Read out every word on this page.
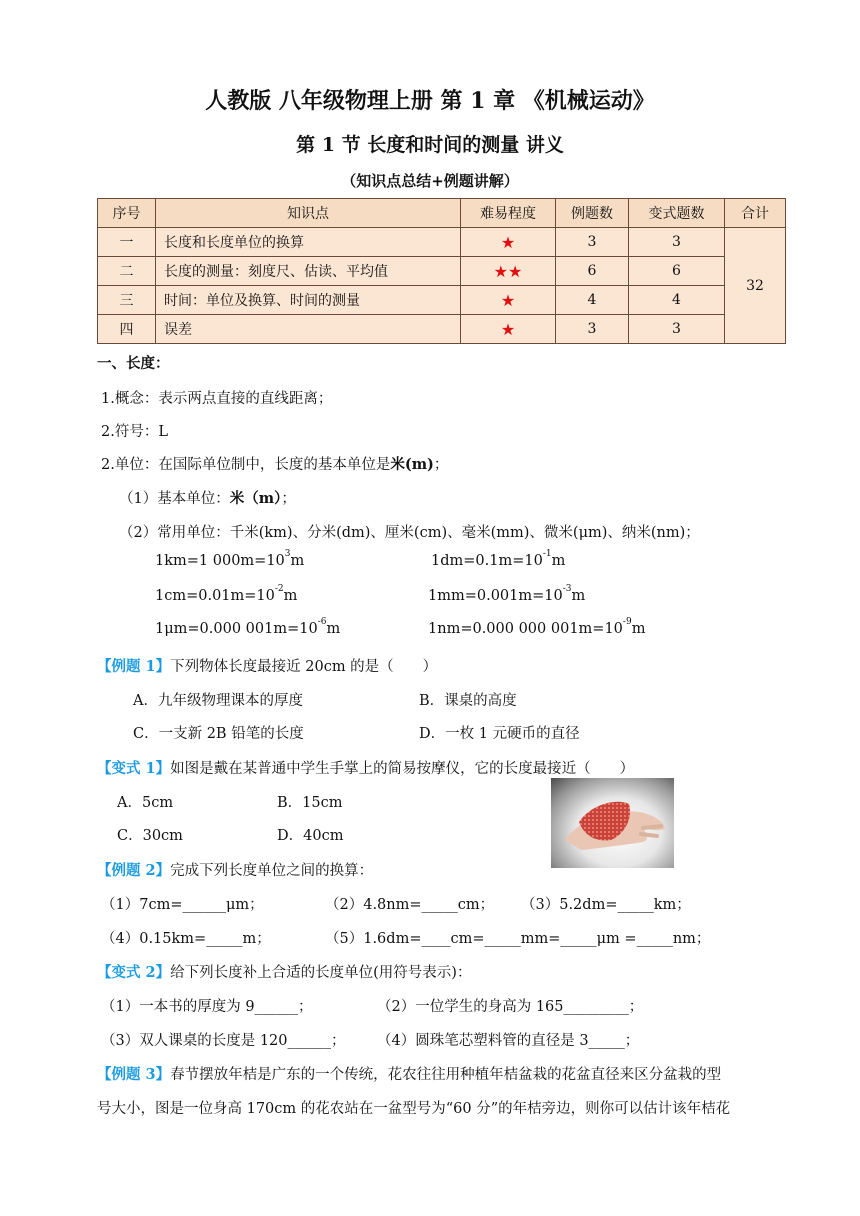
人教版 八年级物理上册 第 1 章 《机械运动》
第 1 节 长度和时间的测量 讲义
（知识点总结+例题讲解）
序号	知识点	难易程度	例题数	变式题数	合计
一	长度和长度单位的换算	★	3	3	32
二	长度的测量：刻度尺、估读、平均值	★★	6	6	
三	时间：单位及换算、时间的测量	★	4	4	
四	误差	★	3	3	
一、长度：
1.概念：表示两点直接的直线距离；
2.符号：L
2.单位：在国际单位制中，长度的基本单位是米(m)；
（1）基本单位：米（m）；
（2）常用单位：千米(km)、分米(dm)、厘米(cm)、毫米(mm)、微米(μm)、纳米(nm)；
1km=1 $000m=10^3m$	$1dm=0.1m=10^{-1}m$
$1cm=0.01m=10^{-2}m$	$1mm=0.001m=10^{-3}m$
1μm=0.000 $001m=10^{-6}m$	1nm=0.000 000 $001m=10^{-9}m$
【例题 1】下列物体长度最接近 20cm 的是（　　）
A．九年级物理课本的厚度	B．课桌的高度
C．一支新 2B 铅笔的长度	D．一枚 1 元硬币的直径
【变式 1】如图是戴在某普通中学生手掌上的简易按摩仪，它的长度最接近（　　）
A．5cm	B．15cm
C．30cm	D．40cm
【例题 2】完成下列长度单位之间的换算：
（1）7cm=______μm；	（2）4.8nm=_____cm； （3）5.2dm=_____km；
（4）0.15km=_____m；	（5）1.6dm=____cm=_____mm=_____μm =_____nm；
【变式 2】给下列长度补上合适的长度单位(用符号表示)：
（1）一本书的厚度为 9______；	（2）一位学生的身高为 165_________；
（3）双人课桌的长度是 120______； （4）圆珠笔芯塑料管的直径是 3_____；
【例题 3】春节摆放年桔是广东的一个传统，花农往往用种植年桔盆栽的花盆直径来区分盆栽的型
号大小，图是一位身高 170cm 的花农站在一盆型号为“60 分”的年桔旁边，则你可以估计该年桔花
